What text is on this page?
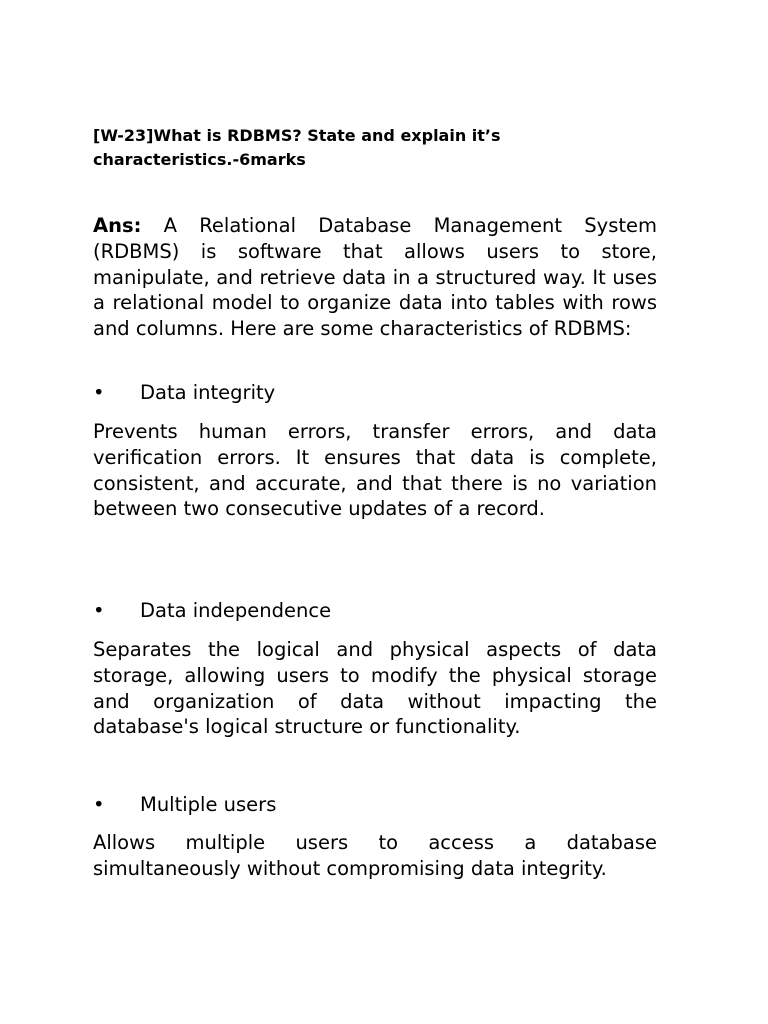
[W-23]What is RDBMS? State and explain it’s characteristics.-6marks

Ans: A Relational Database Management System (RDBMS) is software that allows users to store, manipulate, and retrieve data in a structured way. It uses a relational model to organize data into tables with rows and columns. Here are some characteristics of RDBMS:

• Data integrity

Prevents human errors, transfer errors, and data verification errors. It ensures that data is complete, consistent, and accurate, and that there is no variation between two consecutive updates of a record.

• Data independence

Separates the logical and physical aspects of data storage, allowing users to modify the physical storage and organization of data without impacting the database's logical structure or functionality.

• Multiple users

Allows multiple users to access a database simultaneously without compromising data integrity.
